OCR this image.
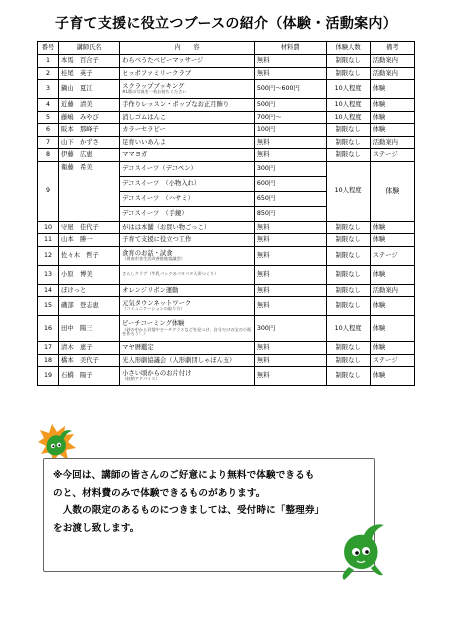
子育て支援に役立つブースの紹介（体験・活動案内）
番号	講師氏名	内　　容	材料費	体験人数	備考
1	本馬　百合子	わらべうたベビーマッサージ	無料	制限なし	活動案内
2	桂尾　英子	ヒッポファミリークラブ	無料	制限なし	活動案内
3	鍋山　夏江	スクラップブッキング
※L版の写真を一枚お持ちください	500円〜600円	10人程度	体験
4	近藤　清美	手作りレッスン・ポップなお正月飾り	500円	10人程度	体験
5	藤嶋　みやび	消しゴムはんこ	700円〜	10人程度	体験
6	阪本　那峰子	カラーセラピー	100円	制限なし	体験
7	山下　かずさ	足育いいあんよ	無料	制限なし	活動案内
8	伊藤　広恵	ママヨガ	無料	制限なし	ステージ
9	衛藤　希美	デコスイーツ（デコペン）	300円	10人程度	体験
		デコスイーツ　（小物入れ）	600円		
		デコスイーツ　（ハサミ）	650円		
		デコスイーツ　（手鏡）	850円		
10	守屋　佳代子	がはは本舗（お買い物ごっこ）	無料	制限なし	体験
11	山本　勝一	子育て支援に役立つ工作	無料	制限なし	体験
12	佐々木　哲子	食育のお話・試食
（周南市食生活改善推進協議会）	無料	制限なし	ステージ
13	小原　博美	さらしクラブ（牛乳パックのパタパタ人形つくり）	無料	制限なし	体験
14	ぼけっと	オレンジリボン運動	無料	制限なし	活動案内
15	磯部　登志恵	元気タウンネットワーク
（コミュニケーションの取り方）	無料	制限なし	体験
16	田中　陽三	ビーチコーミング体験
（砂の中から貝殻やビーチグラスなどを見つけ、自分だけの宝の小瓶を作ろう！）	300円	10人程度	体験
17	清木　恵子	マヤ暦鑑定	無料	制限なし	体験
18	橋本　美代子	光人形劇協議会（人形劇団しゃぼん玉）	無料	制限なし	ステージ
19	石橋　陽子	小さい頃からのお片付け
（収納アドバイス）	無料	制限なし	体験
※今回は、講師の皆さんのご好意により無料で体験できるも
のと、材料費のみで体験できるものがあります。
　人数の限定のあるものにつきましては、受付時に「整理券」
をお渡し致します。
